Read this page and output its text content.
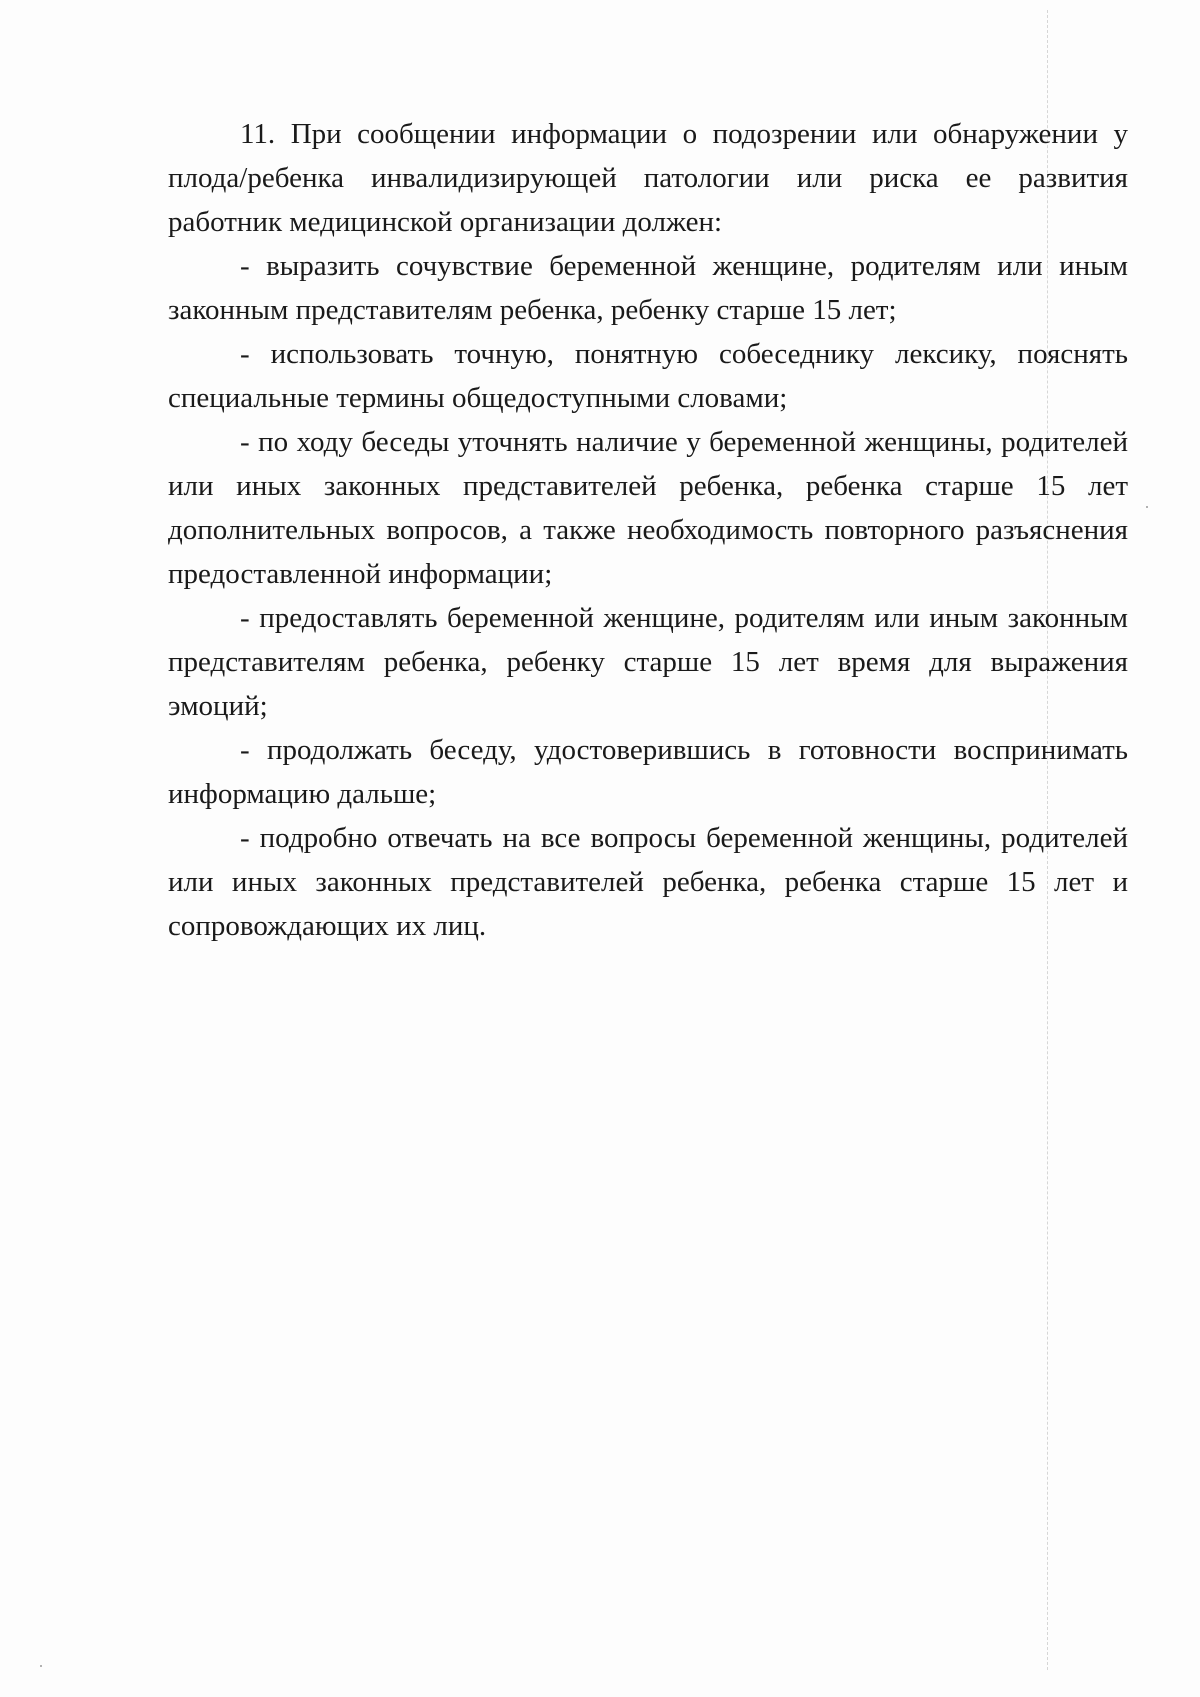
11. При сообщении информации о подозрении или обнаружении у плода/ребенка инвалидизирующей патологии или риска ее развития работник медицинской организации должен:

- выразить сочувствие беременной женщине, родителям или иным законным представителям ребенка, ребенку старше 15 лет;

- использовать точную, понятную собеседнику лексику, пояснять специальные термины общедоступными словами;

- по ходу беседы уточнять наличие у беременной женщины, родителей или иных законных представителей ребенка, ребенка старше 15 лет дополнительных вопросов, а также необходимость повторного разъяснения предоставленной информации;

- предоставлять беременной женщине, родителям или иным законным представителям ребенка, ребенку старше 15 лет время для выражения эмоций;

- продолжать беседу, удостоверившись в готовности воспринимать информацию дальше;

- подробно отвечать на все вопросы беременной женщины, родителей или иных законных представителей ребенка, ребенка старше 15 лет и сопровождающих их лиц.
